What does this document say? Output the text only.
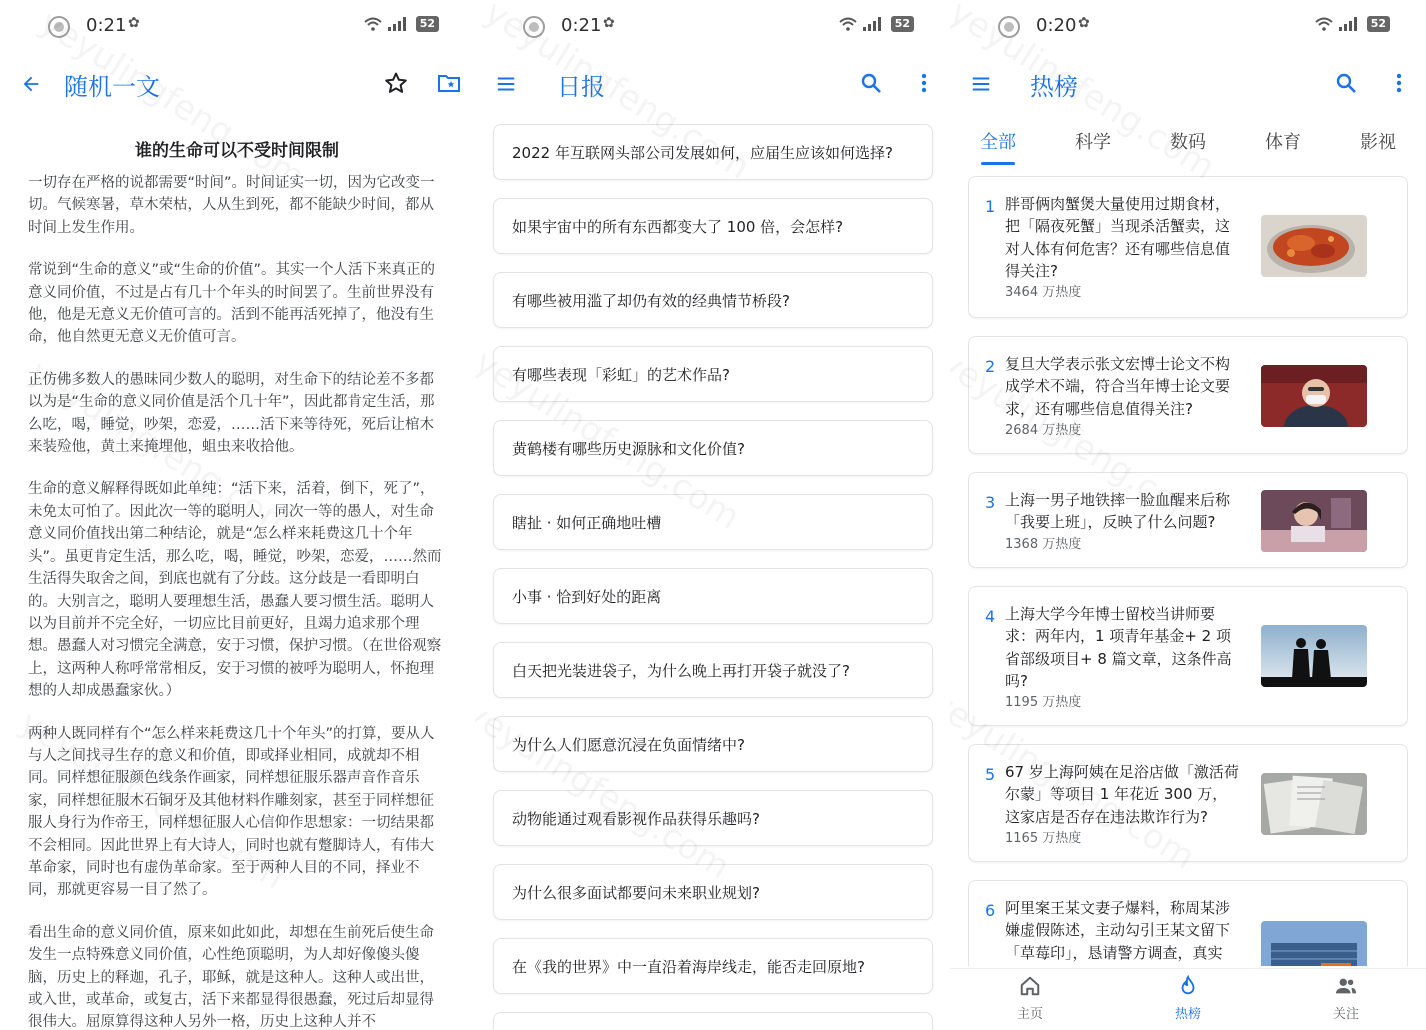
0:21 ✿	52
随机一文
谁的生命可以不受时间限制

一切存在严格的说都需要“时间”。时间证实一切，因为它改变一切。气候寒暑，草木荣枯，人从生到死，都不能缺少时间，都从时间上发生作用。

常说到“生命的意义”或“生命的价值”。其实一个人活下来真正的意义同价值，不过是占有几十个年头的时间罢了。生前世界没有他，他是无意义无价值可言的。活到不能再活死掉了，他没有生命，他自然更无意义无价值可言。

正仿佛多数人的愚昧同少数人的聪明，对生命下的结论差不多都以为是“生命的意义同价值是活个几十年”，因此都肯定生活，那么吃，喝，睡觉，吵架，恋爱，……活下来等待死，死后让棺木来装殓他，黄土来掩埋他，蛆虫来收拾他。

生命的意义解释得既如此单纯：“活下来，活着，倒下，死了”，未免太可怕了。因此次一等的聪明人，同次一等的愚人，对生命意义同价值找出第二种结论，就是“怎么样来耗费这几十个年头”。虽更肯定生活，那么吃，喝，睡觉，吵架，恋爱，……然而生活得失取舍之间，到底也就有了分歧。这分歧是一看即明白的。大别言之，聪明人要理想生活，愚蠢人要习惯生活。聪明人以为目前并不完全好，一切应比目前更好，且竭力追求那个理想。愚蠢人对习惯完全满意，安于习惯，保护习惯。（在世俗观察上，这两种人称呼常常相反，安于习惯的被呼为聪明人，怀抱理想的人却成愚蠢家伙。）

两种人既同样有个“怎么样来耗费这几十个年头”的打算，要从人与人之间找寻生存的意义和价值，即或择业相同，成就却不相同。同样想征服颜色线条作画家，同样想征服乐器声音作音乐家，同样想征服木石铜牙及其他材料作雕刻家，甚至于同样想征服人身行为作帝王，同样想征服人心信仰作思想家：一切结果都不会相同。因此世界上有大诗人，同时也就有蹩脚诗人，有伟大革命家，同时也有虚伪革命家。至于两种人目的不同，择业不同，那就更容易一目了然了。

看出生命的意义同价值，原来如此如此，却想在生前死后使生命发生一点特殊意义同价值，心性绝顶聪明，为人却好像傻头傻脑，历史上的释迦，孔子，耶稣，就是这种人。这种人或出世，或入世，或革命，或复古，活下来都显得很愚蠢，死过后却显得很伟大。屈原算得这种人另外一格，历史上这种人并不

0:21 ✿	52
日报
2022 年互联网头部公司发展如何，应届生应该如何选择?
如果宇宙中的所有东西都变大了 100 倍，会怎样?
有哪些被用滥了却仍有效的经典情节桥段?
有哪些表现「彩虹」的艺术作品?
黄鹤楼有哪些历史源脉和文化价值?
瞎扯 · 如何正确地吐槽
小事 · 恰到好处的距离
白天把光装进袋子，为什么晚上再打开袋子就没了?
为什么人们愿意沉浸在负面情绪中?
动物能通过观看影视作品获得乐趣吗?
为什么很多面试都要问未来职业规划?
在《我的世界》中一直沿着海岸线走，能否走回原地?
0:20 ✿	52
热榜
全部	科学	数码	体育	影视
1 胖哥俩肉蟹煲大量使用过期食材，把「隔夜死蟹」当现杀活蟹卖，这对人体有何危害？还有哪些信息值得关注?
3464 万热度
2 复旦大学表示张文宏博士论文不构成学术不端，符合当年博士论文要求，还有哪些信息值得关注?
2684 万热度
3 上海一男子地铁摔一脸血醒来后称「我要上班」，反映了什么问题?
1368 万热度
4 上海大学今年博士留校当讲师要求：两年内，1 项青年基金+ 2 项省部级项目+ 8 篇文章，这条件高吗?
1195 万热度
5 67 岁上海阿姨在足浴店做「激活荷尔蒙」等项目 1 年花近 300 万，这家店是否存在违法欺诈行为?
1165 万热度
6 阿里案王某文妻子爆料，称周某涉嫌虚假陈述，主动勾引王某文留下「草莓印」，恳请警方调查，真实
主页	热榜	关注
